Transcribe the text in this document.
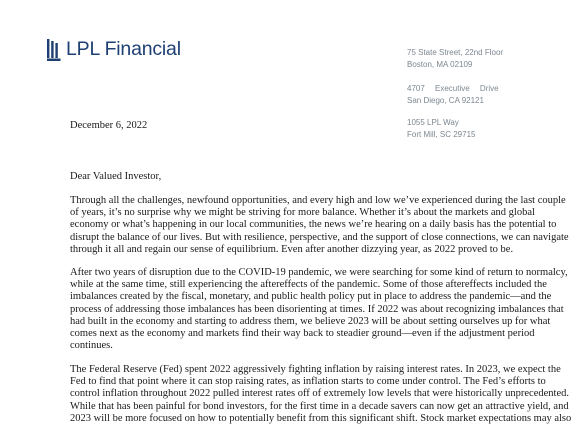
LPL Financial	75 State Street, 22nd Floor
Boston, MA 02109
4707 Executive Drive
San Diego, CA 92121
1055 LPL Way
Fort Mill, SC 29715
December 6, 2022
Dear Valued Investor,
Through all the challenges, newfound opportunities, and every high and low we’ve experienced during the last couple
of years, it’s no surprise why we might be striving for more balance. Whether it’s about the markets and global
economy or what’s happening in our local communities, the news we’re hearing on a daily basis has the potential to
disrupt the balance of our lives. But with resilience, perspective, and the support of close connections, we can navigate
through it all and regain our sense of equilibrium. Even after another dizzying year, as 2022 proved to be.
After two years of disruption due to the COVID-19 pandemic, we were searching for some kind of return to normalcy,
while at the same time, still experiencing the aftereffects of the pandemic. Some of those aftereffects included the
imbalances created by the fiscal, monetary, and public health policy put in place to address the pandemic—and the
process of addressing those imbalances has been disorienting at times. If 2022 was about recognizing imbalances that
had built in the economy and starting to address them, we believe 2023 will be about setting ourselves up for what
comes next as the economy and markets find their way back to steadier ground—even if the adjustment period
continues.
The Federal Reserve (Fed) spent 2022 aggressively fighting inflation by raising interest rates. In 2023, we expect the
Fed to find that point where it can stop raising rates, as inflation starts to come under control. The Fed’s efforts to
control inflation throughout 2022 pulled interest rates off of extremely low levels that were historically unprecedented.
While that has been painful for bond investors, for the first time in a decade savers can now get an attractive yield, and
2023 will be more focused on how to potentially benefit from this significant shift. Stock market expectations may also
